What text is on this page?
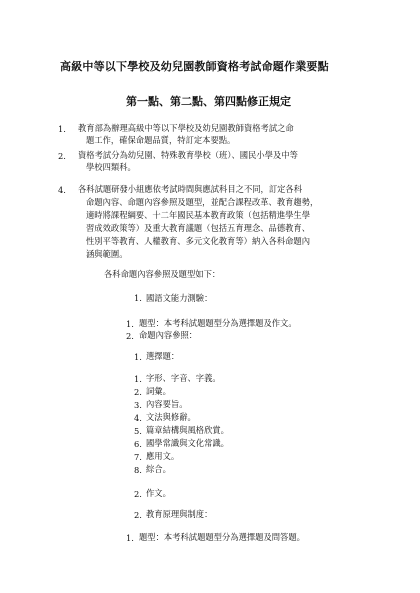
高級中等以下學校及幼兒園教師資格考試命題作業要點
第一點、第二點、第四點修正規定
1. 教育部為辦理高級中等以下學校及幼兒園教師資格考試之命
題工作，確保命題品質，特訂定本要點。
2. 資格考試分為幼兒園、特殊教育學校（班）、國民小學及中等
學校四類科。
4. 各科試題研發小組應依考試時間與應試科目之不同，訂定各科
命題內容、命題內容參照及題型，並配合課程改革、教育趨勢，
適時將課程綱要、十二年國民基本教育政策（包括精進學生學
習成效政策等）及重大教育議題（包括五育理念、品德教育、
性別平等教育、人權教育、多元文化教育等）納入各科命題內
涵與範圍。
各科命題內容參照及題型如下：
1. 國語文能力測驗：
1. 題型：本考科試題題型分為選擇題及作文。
2. 命題內容參照：
1. 選擇題：
1. 字形、字音、字義。
2. 詞彙。
3. 內容要旨。
4. 文法與修辭。
5. 篇章結構與風格欣賞。
6. 國學常識與文化常識。
7. 應用文。
8. 綜合。
2. 作文。
2. 教育原理與制度：
1. 題型：本考科試題題型分為選擇題及問答題。
